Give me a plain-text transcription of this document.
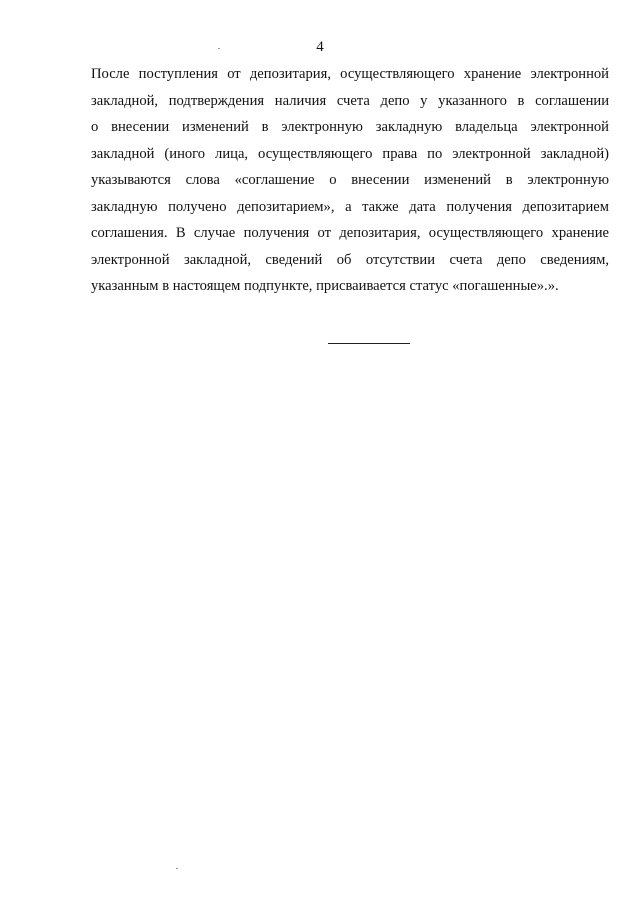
4
После поступления от депозитария, осуществляющего хранение электронной
закладной, подтверждения наличия счета депо у указанного в соглашении
о внесении изменений в электронную закладную владельца электронной
закладной (иного лица, осуществляющего права по электронной закладной)
указываются слова «соглашение о внесении изменений в электронную
закладную получено депозитарием», а также дата получения депозитарием
соглашения. В случае получения от депозитария, осуществляющего хранение
электронной закладной, сведений об отсутствии счета депо сведениям,
указанным в настоящем подпункте, присваивается статус «погашенные».».
